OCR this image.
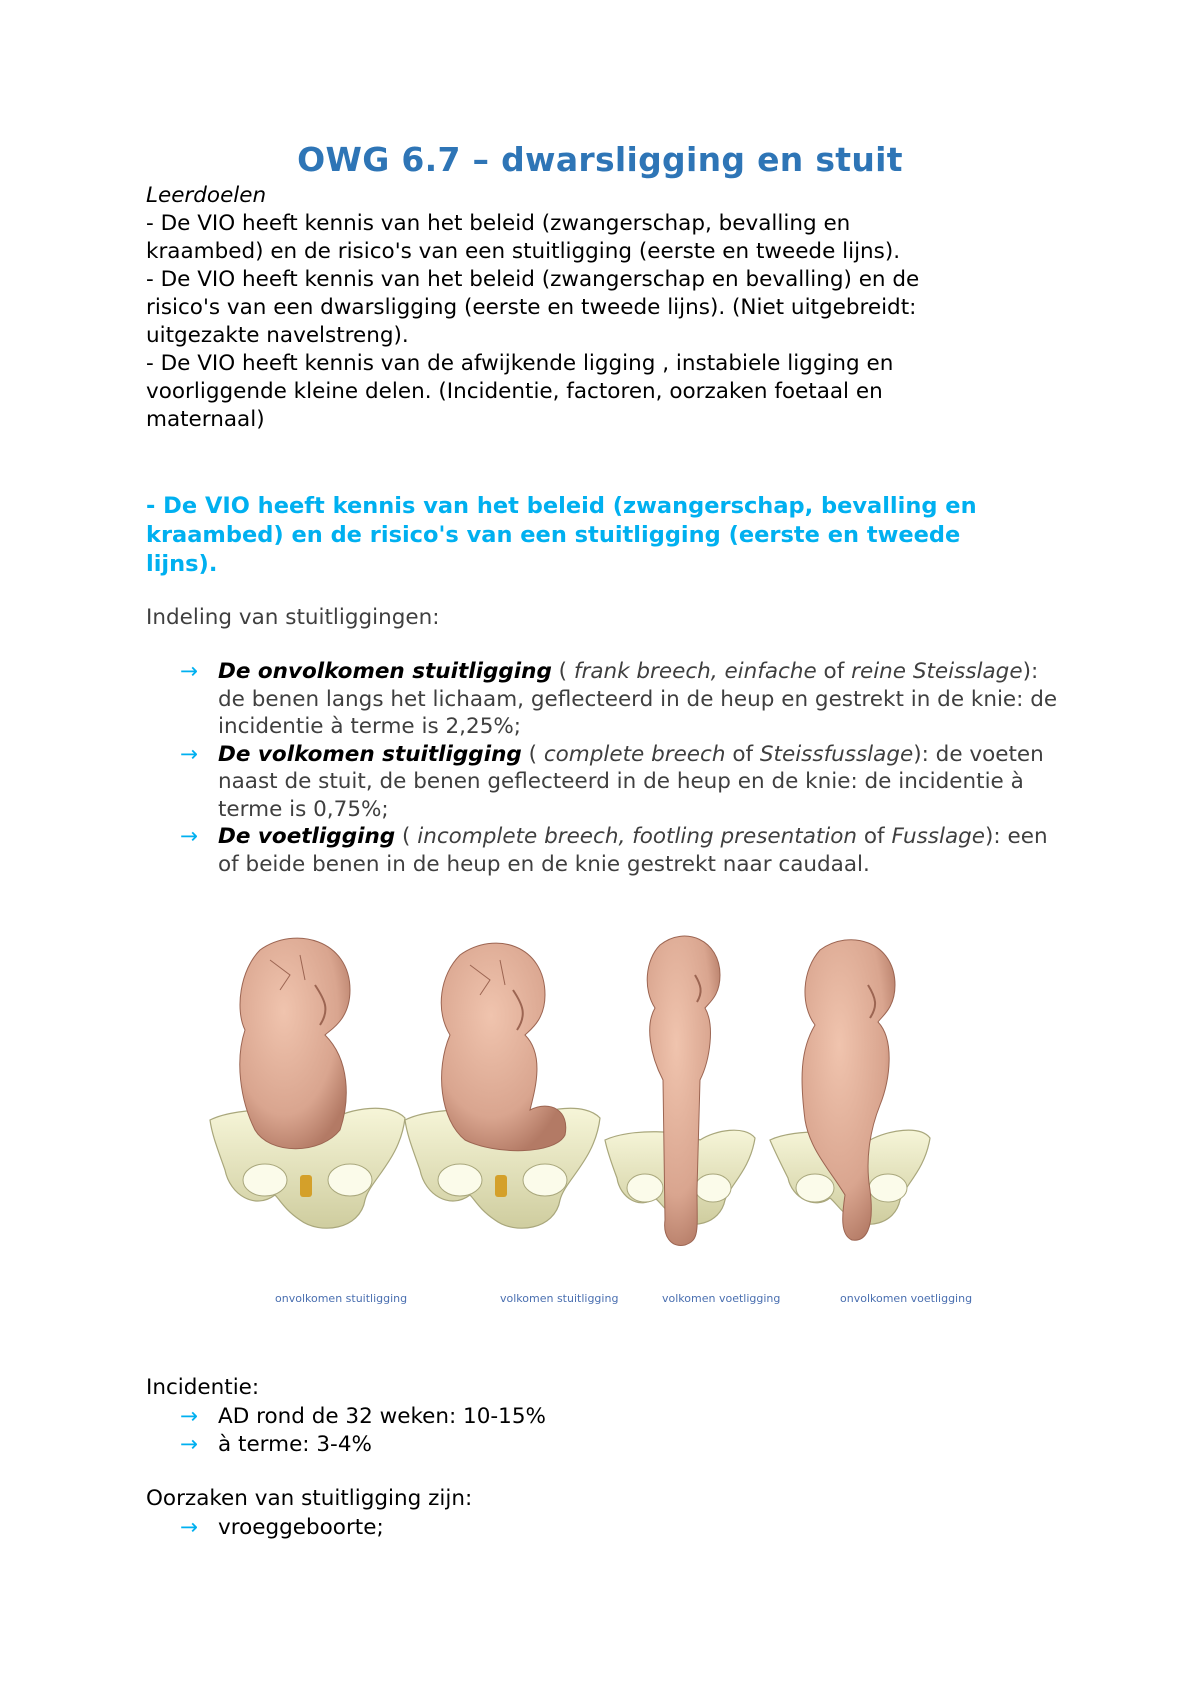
OWG 6.7 – dwarsligging en stuit
Leerdoelen
- De VIO heeft kennis van het beleid (zwangerschap, bevalling en
kraambed) en de risico's van een stuitligging (eerste en tweede lijns).
- De VIO heeft kennis van het beleid (zwangerschap en bevalling) en de
risico's van een dwarsligging (eerste en tweede lijns). (Niet uitgebreidt:
uitgezakte navelstreng).
- De VIO heeft kennis van de afwijkende ligging , instabiele ligging en
voorliggende kleine delen. (Incidentie, factoren, oorzaken foetaal en
maternaal)
- De VIO heeft kennis van het beleid (zwangerschap, bevalling en
kraambed) en de risico's van een stuitligging (eerste en tweede
lijns).
Indeling van stuitliggingen:
→ De onvolkomen stuitligging ( frank breech, einfache of reine Steisslage): de benen langs het lichaam, geflecteerd in de heup en gestrekt in de knie: de incidentie à terme is 2,25%;
→ De volkomen stuitligging ( complete breech of Steissfusslage): de voeten naast de stuit, de benen geflecteerd in de heup en de knie: de incidentie à terme is 0,75%;
→ De voetligging ( incomplete breech, footling presentation of Fusslage): een of beide benen in de heup en de knie gestrekt naar caudaal.
onvolkomen stuitligging	volkomen stuitligging	volkomen voetligging	onvolkomen voetligging
Incidentie:
→ AD rond de 32 weken: 10-15%
→ à terme: 3-4%
Oorzaken van stuitligging zijn:
→ vroeggeboorte;
